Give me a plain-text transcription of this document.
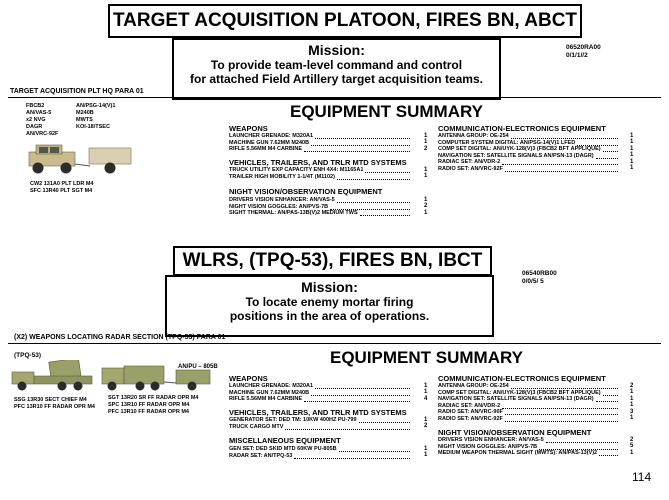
TARGET ACQUISITION PLATOON, FIRES BN, ABCT
Mission:
To provide team-level command and control
for attached Field Artillery target acquisition teams.
06520RA00
0/1/1//2
TARGET ACQUISITION PLT HQ PARA 01
FBCB2
AN/VAS-5
x2 NVG
DAGR
AN/VRC-92F
AN/PSG-14(V)1
M240B
MWTS
KOI-18/TSEC
CW2 131A0 PLT LDR M4
SFC 13R40 PLT SGT M4
EQUIPMENT SUMMARY
WEAPONS
LAUNCHER GRENADE: M320A1	1
MACHINE GUN 7.62MM M240B	1
RIFLE 5.56MM M4 CARBINE	2
VEHICLES, TRAILERS, AND TRLR MTD SYSTEMS
TRUCK UTILITY EXP CAPACITY ENH 4X4: M1165A1	1
TRAILER HIGH MOBILITY 1-1/4T (M1102)	1
NIGHT VISION/OBSERVATION EQUIPMENT
DRIVERS VISION ENHANCER: AN/VAS-5	1
NIGHT VISION GOGGLES: AN/PVS-7B	2
SIGHT THERMAL: AN/PAS-13B(V)2 MEDIUM TWS	1
COMMUNICATION-ELECTRONICS EQUIPMENT
ANTENNA GROUP: OE-254	1
COMPUTER SYSTEM DIGITAL: AN/PSG-14(V)1 LFED	1
COMP SET DIGITAL: AN/UYK-128(V)3 (FBCB2 BFT APPLIQUE)	1
NAVIGATION SET: SATELLITE SIGNALS AN/PSN-13 (DAGR)	1
RADIAC SET: AN/VDR-2	1
RADIO SET: AN/VRC-92F	1
WLRS, (TPQ-53), FIRES BN, IBCT
Mission:
To locate enemy mortar firing
positions in the area of operations.
06540RB00
0/0/5/ 5
(X2) WEAPONS LOCATING RADAR SECTION (TPQ-53) PARA 01
(TPQ-53)
AN/PU – 805B
SSG 13R30 SECT CHIEF M4
PFC 13R10 FF RADAR OPR M4
SGT 13R20 SR FF RADAR OPR M4
SPC 13R10 FF RADAR OPR M4
PFC 13R10 FF RADAR OPR M4
EQUIPMENT SUMMARY
WEAPONS
LAUNCHER GRENADE: M320A1	1
MACHINE GUN 7.62MM M240B	1
RIFLE 5.56MM M4 CARBINE	4
VEHICLES, TRAILERS, AND TRLR MTD SYSTEMS
GENERATOR SET: DED TM: 10KW 400HZ PU-799	1
TRUCK CARGO MTV	2
MISCELLANEOUS EQUIPMENT
GEN SET: DED SKID MTD 60KW PU-805B	1
RADAR SET: AN/TPQ-53	1
COMMUNICATION-ELECTRONICS EQUIPMENT
ANTENNA GROUP: OE-254	2
COMP SET DIGITAL: AN/UYK-128(V)3 (FBCB2 BFT APPLIQUE)	1
NAVIGATION SET: SATELLITE SIGNALS AN/PSN-13 (DAGR)	1
RADIAC SET: AN/VDR-2	1
RADIO SET: AN/VRC-90F	3
RADIO SET: AN/VRC-92F	1
NIGHT VISION/OBSERVATION EQUIPMENT
DRIVERS VISION ENHANCER: AN/VAS-5	2
NIGHT VISION GOGGLES: AN/PVS-7B	5
MEDIUM WEAPON THERMAL SIGHT (MWTS): AN/PAS-13(V)2	1
114
